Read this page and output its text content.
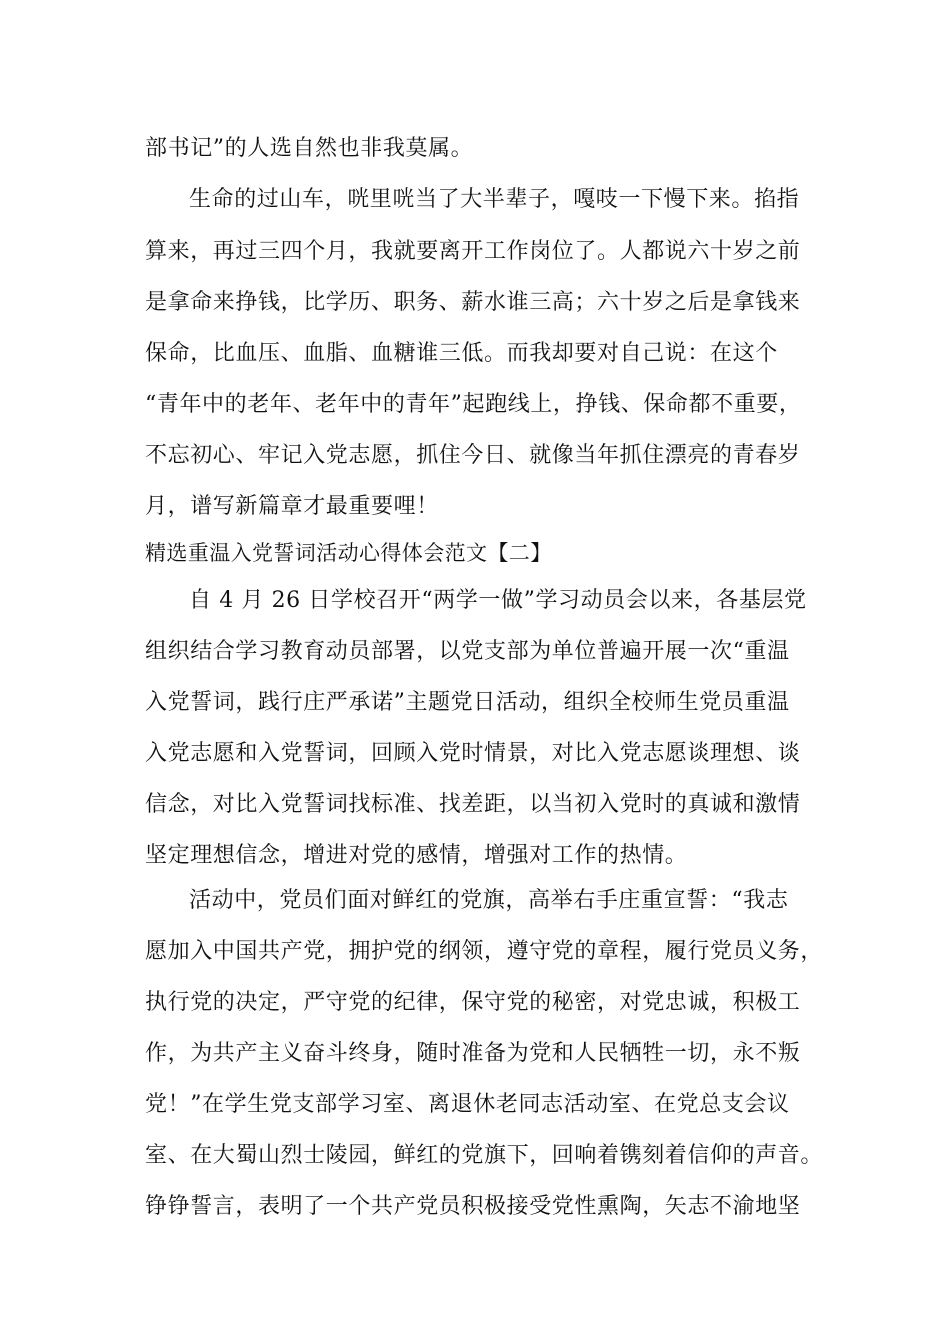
部书记”的人选自然也非我莫属。
生命的过山车，咣里咣当了大半辈子，嘎吱一下慢下来。掐指
算来，再过三四个月，我就要离开工作岗位了。人都说六十岁之前
是拿命来挣钱，比学历、职务、薪水谁三高；六十岁之后是拿钱来
保命，比血压、血脂、血糖谁三低。而我却要对自己说：在这个
“青年中的老年、老年中的青年”起跑线上，挣钱、保命都不重要，
不忘初心、牢记入党志愿，抓住今日、就像当年抓住漂亮的青春岁
月，谱写新篇章才最重要哩！
精选重温入党誓词活动心得体会范文【二】
自 4 月 26 日学校召开“两学一做”学习动员会以来，各基层党
组织结合学习教育动员部署，以党支部为单位普遍开展一次“重温
入党誓词，践行庄严承诺”主题党日活动，组织全校师生党员重温
入党志愿和入党誓词，回顾入党时情景，对比入党志愿谈理想、谈
信念，对比入党誓词找标准、找差距，以当初入党时的真诚和激情
坚定理想信念，增进对党的感情，增强对工作的热情。
活动中，党员们面对鲜红的党旗，高举右手庄重宣誓：“我志
愿加入中国共产党，拥护党的纲领，遵守党的章程，履行党员义务，
执行党的决定，严守党的纪律，保守党的秘密，对党忠诚，积极工
作，为共产主义奋斗终身，随时准备为党和人民牺牲一切，永不叛
党！”在学生党支部学习室、离退休老同志活动室、在党总支会议
室、在大蜀山烈士陵园，鲜红的党旗下，回响着镌刻着信仰的声音。
铮铮誓言，表明了一个共产党员积极接受党性熏陶，矢志不渝地坚
